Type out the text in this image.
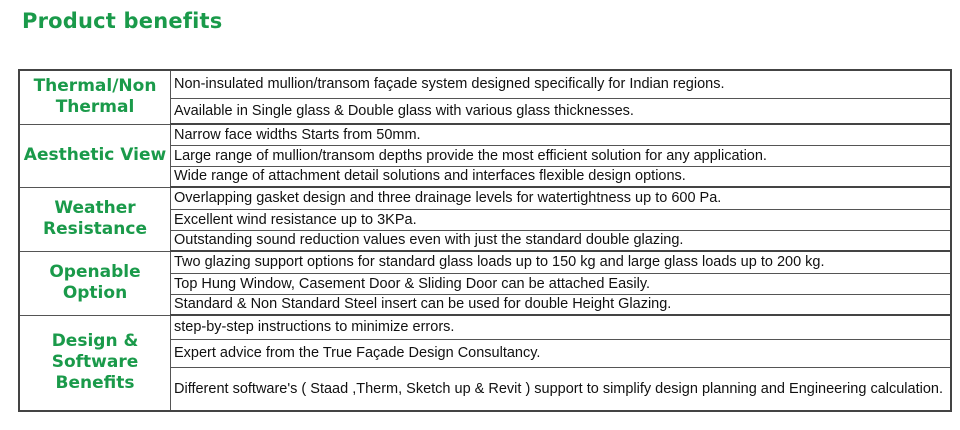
Product benefits
Thermal/Non Thermal	Non-insulated mullion/transom façade system designed specifically for Indian regions.
	Available in Single glass & Double glass with various glass thicknesses.

Aesthetic View	Narrow face widths Starts from 50mm.
	Large range of mullion/transom depths provide the most efficient solution for any application.
	Wide range of attachment detail solutions and interfaces flexible design options.

Weather Resistance	Overlapping gasket design and three drainage levels for watertightness up to 600 Pa.
	Excellent wind resistance up to 3KPa.
	Outstanding sound reduction values even with just the standard double glazing.

Openable Option	Two glazing support options for standard glass loads up to 150 kg and large glass loads up to 200 kg.
	Top Hung Window, Casement Door & Sliding Door can be attached Easily.
	Standard & Non Standard Steel insert can be used for double Height Glazing.

Design & Software Benefits	step-by-step instructions to minimize errors.
	Expert advice from the True Façade Design Consultancy.
	Different software's ( Staad ,Therm, Sketch up & Revit ) support to simplify design planning and Engineering calculation.
